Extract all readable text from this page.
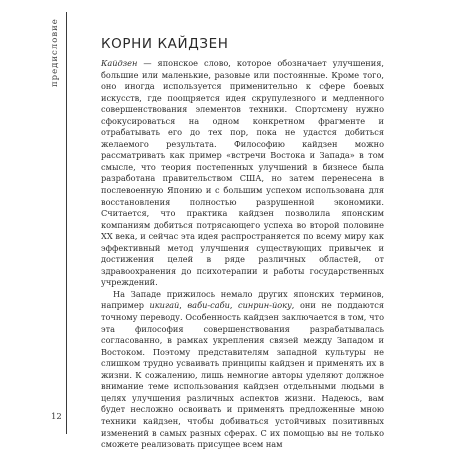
предисловие
12
КОРНИ КАЙДЗЕН

Кайдзен — японское слово, которое обозначает улучшения, большие или маленькие, разовые или постоянные. Кроме того, оно иногда используется применительно к сфере боевых искусств, где поощряется идея скрупулезного и медленного совершенствования элементов техники. Спортсмену нужно сфокусироваться на одном конкретном фрагменте и отрабатывать его до тех пор, пока не удастся добиться желаемого результата. Философию кайдзен можно рассматривать как пример «встречи Востока и Запада» в том смысле, что теория постепенных улучшений в бизнесе была разработана правительством США, но затем перенесена в послевоенную Японию и с большим успехом использована для восстановления полностью разрушенной экономики. Считается, что практика кайдзен позволила японским компаниям добиться потрясающего успеха во второй половине XX века, и сейчас эта идея распространяется по всему миру как эффективный метод улучшения существующих привычек и достижения целей в ряде различных областей, от здравоохранения до психотерапии и работы государственных учреждений.

На Западе прижилось немало других японских терминов, например икигай, ваби-саби, синрин-йоку, они не поддаются точному переводу. Особенность кайдзен заключается в том, что эта философия совершенствования разрабатывалась согласованно, в рамках укрепления связей между Западом и Востоком. Поэтому представителям западной культуры не слишком трудно усваивать принципы кайдзен и применять их в жизни. К сожалению, лишь немногие авторы уделяют должное внимание теме использования кайдзен отдельными людьми в целях улучшения различных аспектов жизни. Надеюсь, вам будет несложно освоивать и применять предложенные мною техники кайдзен, чтобы добиваться устойчивых позитивных изменений в самых разных сферах. С их помощью вы не только сможете реализовать присущее всем нам
